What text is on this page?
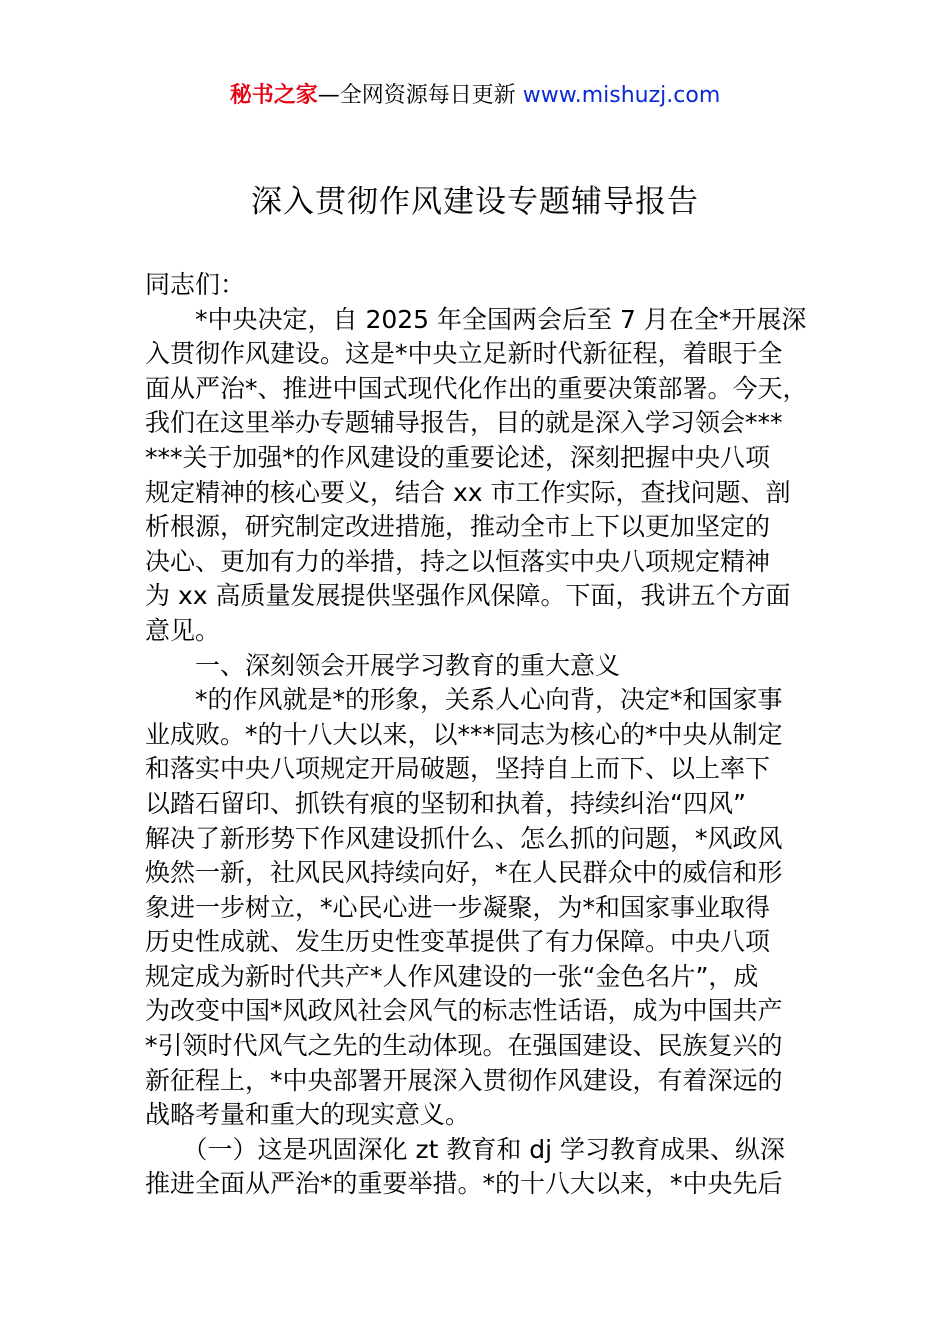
秘书之家—全网资源每日更新 www.mishuzj.com
深入贯彻作风建设专题辅导报告
同志们：
　　*中央决定，自 2025 年全国两会后至 7 月在全*开展深
入贯彻作风建设。这是*中央立足新时代新征程，着眼于全
面从严治*、推进中国式现代化作出的重要决策部署。今天，
我们在这里举办专题辅导报告，目的就是深入学习领会***
***关于加强*的作风建设的重要论述，深刻把握中央八项
规定精神的核心要义，结合 xx 市工作实际，查找问题、剖
析根源，研究制定改进措施，推动全市上下以更加坚定的
决心、更加有力的举措，持之以恒落实中央八项规定精神
为 xx 高质量发展提供坚强作风保障。下面，我讲五个方面
意见。
　　一、深刻领会开展学习教育的重大意义
　　*的作风就是*的形象，关系人心向背，决定*和国家事
业成败。*的十八大以来，以***同志为核心的*中央从制定
和落实中央八项规定开局破题，坚持自上而下、以上率下
以踏石留印、抓铁有痕的坚韧和执着，持续纠治“四风”
解决了新形势下作风建设抓什么、怎么抓的问题，*风政风
焕然一新，社风民风持续向好，*在人民群众中的威信和形
象进一步树立，*心民心进一步凝聚，为*和国家事业取得
历史性成就、发生历史性变革提供了有力保障。中央八项
规定成为新时代共产*人作风建设的一张“金色名片”，成
为改变中国*风政风社会风气的标志性话语，成为中国共产
*引领时代风气之先的生动体现。在强国建设、民族复兴的
新征程上，*中央部署开展深入贯彻作风建设，有着深远的
战略考量和重大的现实意义。
　　（一）这是巩固深化 zt 教育和 dj 学习教育成果、纵深
推进全面从严治*的重要举措。*的十八大以来，*中央先后
